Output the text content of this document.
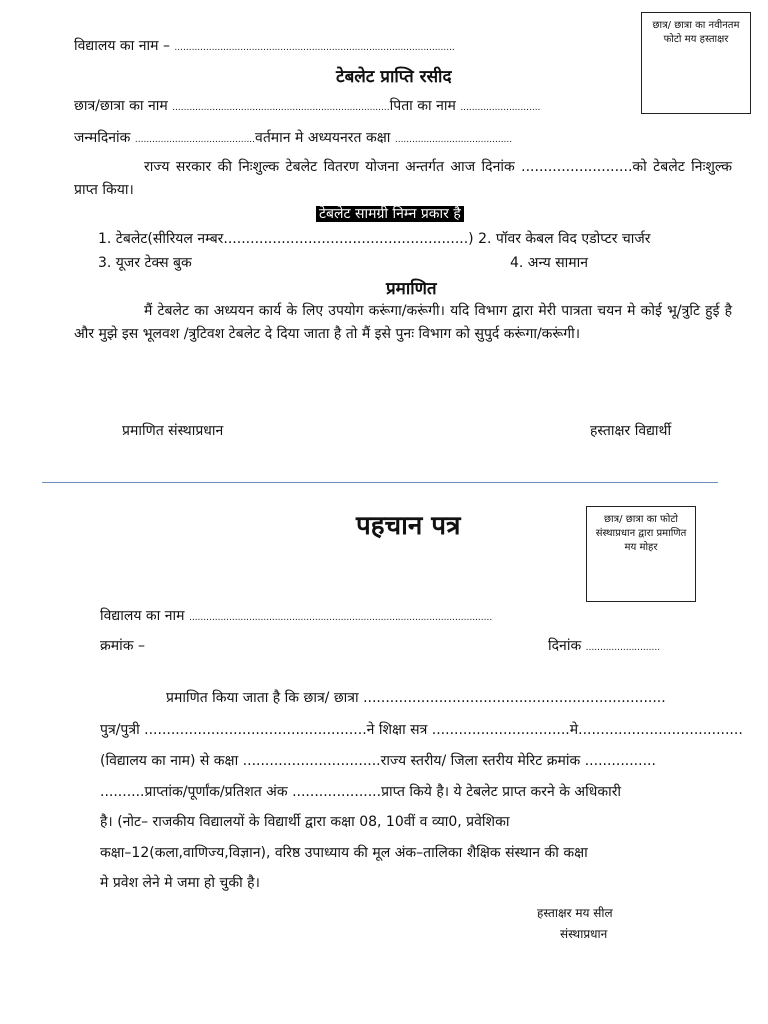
विद्यालय का नाम – ..................................................................................................
छात्र/ छात्रा का नवीनतम फोटो मय हस्ताक्षर
टेबलेट प्राप्ति रसीद
छात्र/छात्रा का नाम ............................................................................पिता का नाम ............................
जन्मदिनांक ..........................................वर्तमान मे अध्ययनरत कक्षा .........................................
राज्य सरकार की निःशुल्क टेबलेट वितरण योजना अन्तर्गत आज दिनांक .........................को टेबलेट निःशुल्क प्राप्त किया।
टेबलेट सामग्री निम्न प्रकार है
1. टेबलेट(सीरियल नम्बर.......................................................) 2. पॉवर केबल विद एडोप्टर चार्जर
3. यूजर टेक्स बुक	4. अन्य सामान
प्रमाणित
मैं टेबलेट का अध्ययन कार्य के लिए उपयोग करूंगा/करूंगी। यदि विभाग द्वारा मेरी पात्रता चयन मे कोई भू/त्रुटि हुई है और मुझे इस भूलवश /त्रुटिवश टेबलेट दे दिया जाता है तो मैं इसे पुनः विभाग को सुपुर्द करूंगा/करूंगी।
प्रमाणित संस्थाप्रधान	हस्ताक्षर विद्यार्थी
पहचान पत्र	छात्र/ छात्रा का फोटो संस्थाप्रधान द्वारा प्रमाणित मय मोहर
विद्यालय का नाम ..........................................................................................................
क्रमांक –	दिनांक ..........................
प्रमाणित किया जाता है कि छात्र/ छात्रा ....................................................................
पुत्र/पुत्री ..................................................ने शिक्षा सत्र ...............................मे.....................................
(विद्यालय का नाम) से कक्षा ...............................राज्य स्तरीय/ जिला स्तरीय मेरिट क्रमांक ................
..........प्राप्तांक/पूर्णांक/प्रतिशत अंक ....................प्राप्त किये है। ये टेबलेट प्राप्त करने के अधिकारी
है। (नोट– राजकीय विद्यालयों के विद्यार्थी द्वारा कक्षा 08, 10वीं व व्या0, प्रवेशिका
कक्षा–12(कला,वाणिज्य,विज्ञान), वरिष्ठ उपाध्याय की मूल अंक–तालिका शैक्षिक संस्थान की कक्षा
मे प्रवेश लेने मे जमा हो चुकी है।
हस्ताक्षर मय सील
संस्थाप्रधान
